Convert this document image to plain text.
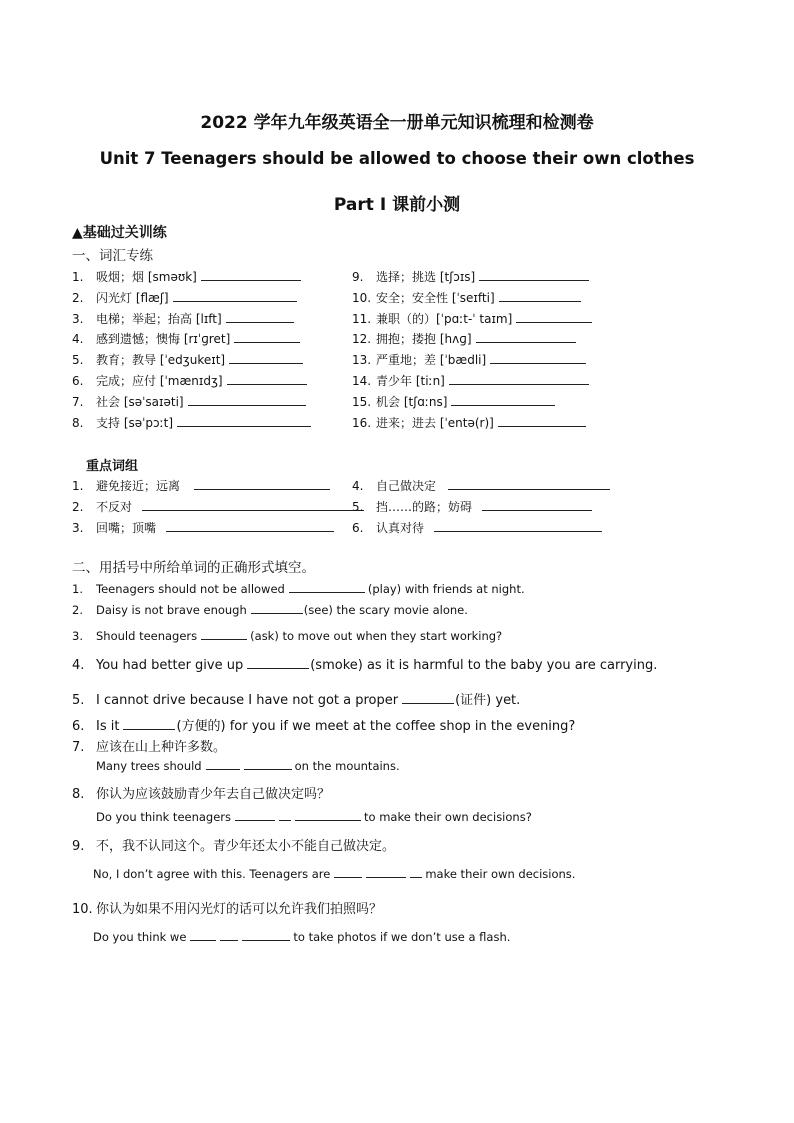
2022 学年九年级英语全一册单元知识梳理和检测卷
Unit 7 Teenagers should be allowed to choose their own clothes
Part I 课前小测
▲基础过关训练
一、词汇专练
1. 吸烟；烟 [sməʊk]
2. 闪光灯 [flæʃ]
3. 电梯；举起；抬高 [lɪft]
4. 感到遗憾；懊悔 [rɪˈɡret]
5. 教育；教导 [ˈedʒukeɪt]
6. 完成；应付 [ˈmænɪdʒ]
7. 社会 [səˈsaɪəti]
8. 支持 [səˈpɔːt]
9. 选择；挑选 [tʃɔɪs]
10. 安全；安全性 [ˈseɪfti]
11. 兼职（的）[ˈpɑːt-ˈ taɪm]
12. 拥抱；搂抱 [hʌɡ]
13. 严重地；差 [ˈbædli]
14. 青少年 [tiːn]
15. 机会 [tʃɑːns]
16. 进来；进去 [ˈentə(r)]
重点词组
1. 避免接近；远离
2. 不反对
3. 回嘴；顶嘴
4. 自己做决定
5. 挡……的路；妨碍
6. 认真对待
二、用括号中所给单词的正确形式填空。
1. Teenagers should not be allowed	(play) with friends at night.
2. Daisy is not brave enough	(see) the scary movie alone.
3. Should teenagers	(ask) to move out when they start working?
4. You had better give up	(smoke) as it is harmful to the baby you are carrying.
5. I cannot drive because I have not got a proper	(证件) yet.
6. Is it	(方便的) for you if we meet at the coffee shop in the evening?
7. 应该在山上种许多数。
Many trees should	on the mountains.
8. 你认为应该鼓励青少年去自己做决定吗？
Do you think teenagers	to make their own decisions?
9. 不，我不认同这个。青少年还太小不能自己做决定。
No, I don’t agree with this. Teenagers are	make their own decisions.
10. 你认为如果不用闪光灯的话可以允许我们拍照吗？
Do you think we	to take photos if we don’t use a flash.
